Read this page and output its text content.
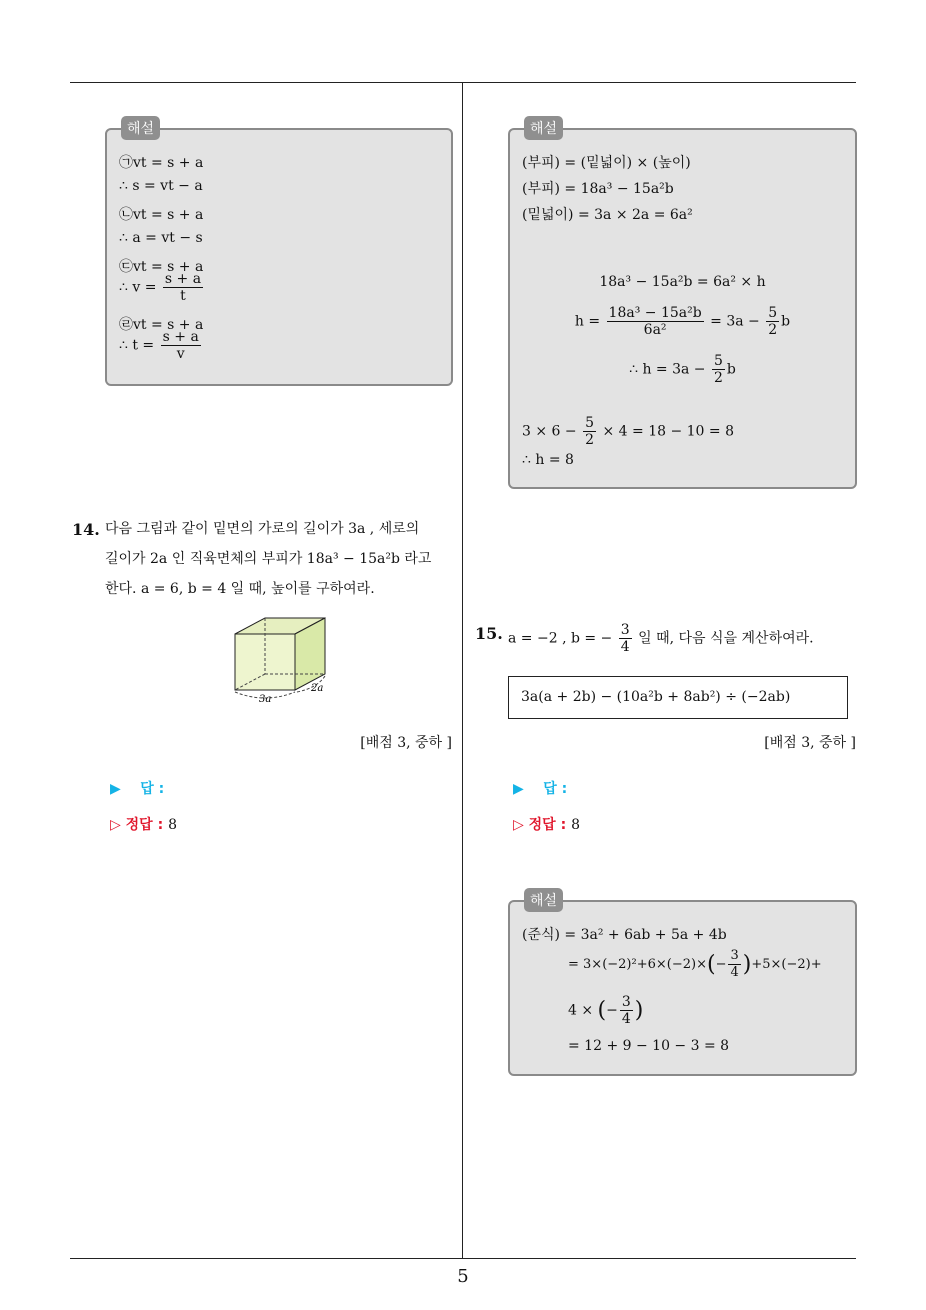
해설
㉠vt = s + a
∴ s = vt − a
㉡vt = s + a
∴ a = vt − s
㉢vt = s + a
∴ $v = \frac{s + a}{t}$
㉣vt = s + a
∴ $t = \frac{s + a}{v}$
14. 다음 그림과 같이 밑면의 가로의 길이가 3a , 세로의
길이가 2a 인 직육면체의 부피가 18a³ − 15a²b 라고
한다. a = 6, b = 4 일 때, 높이를 구하여라.
3a
2a
[배점 3, 중하 ]
▶ 답 :
▷ 정답 : 8
해설
(부피) = (밑넓이) × (높이)
(부피) = 18a³ − 15a²b
(밑넓이) = 3a × 2a = 6a²
18a³ − 15a²b = 6a² × h
$h = \frac{\text{18a³ − 15a²b}}{\text{6a²}} = 3a - \frac{5}{2}$ b
∴ $h = 3a - \frac{5}{2}$ b
$3 \times 6 - \frac{5}{2} \times 4 = 18 - 10 = 8$
∴ h = 8
15. a = −2 , b = − $\frac{3}{4}$ 일 때, 다음 식을 계산하여라.
3a(a + 2b) − (10a²b + 8ab²) ÷ (−2ab)
[배점 3, 중하 ]
▶ 답 :
▷ 정답 : 8
해설
(준식) = 3a² + 6ab + 5a + 4b
= $3\times(-2)^2+6\times(-2)\times(- \frac{3}{4} )+5\times(-2)+$
4 × (− $\frac{3}{4}$ )
= 12 + 9 − 10 − 3 = 8
5
